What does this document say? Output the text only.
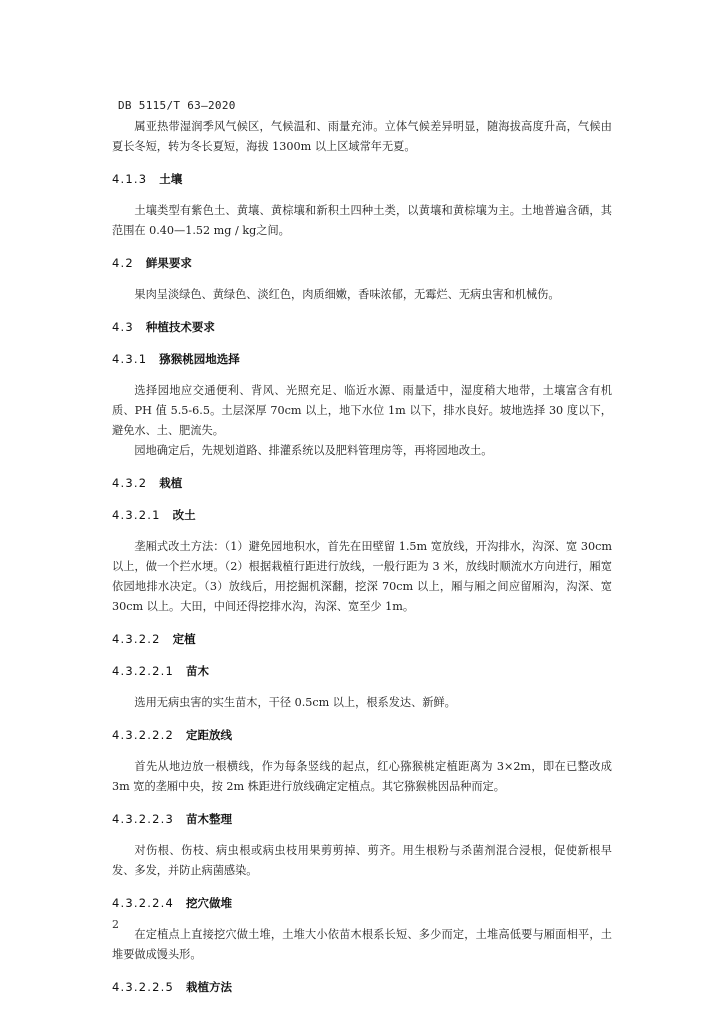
DB 5115/T 63—2020

属亚热带湿润季风气候区，气候温和、雨量充沛。立体气候差异明显，随海拔高度升高，气候由夏长冬短，转为冬长夏短，海拔 1300m 以上区域常年无夏。

4.1.3 土壤

土壤类型有紫色土、黄壤、黄棕壤和新积土四种土类，以黄壤和黄棕壤为主。土地普遍含硒，其范围在 0.40—1.52 mg / kg之间。

4.2 鲜果要求

果肉呈淡绿色、黄绿色、淡红色，肉质细嫩，香味浓郁，无霉烂、无病虫害和机械伤。

4.3 种植技术要求
4.3.1 猕猴桃园地选择

选择园地应交通便利、背风、光照充足、临近水源、雨量适中，湿度稍大地带，土壤富含有机质、PH 值 5.5-6.5。土层深厚 70cm 以上，地下水位 1m 以下，排水良好。坡地选择 30 度以下，避免水、土、肥流失。

园地确定后，先规划道路、排灌系统以及肥料管理房等，再将园地改土。

4.3.2 栽植
4.3.2.1 改土

垄厢式改土方法：（1）避免园地积水，首先在田壁留 1.5m 宽放线，开沟排水，沟深、宽 30cm 以上，做一个拦水埂。（2）根据栽植行距进行放线，一般行距为 3 米，放线时顺流水方向进行，厢宽依园地排水决定。（3）放线后，用挖掘机深翻，挖深 70cm 以上，厢与厢之间应留厢沟，沟深、宽 30cm 以上。大田，中间还得挖排水沟，沟深、宽至少 1m。

4.3.2.2 定植
4.3.2.2.1 苗木

选用无病虫害的实生苗木，干径 0.5cm 以上，根系发达、新鲜。

4.3.2.2.2 定距放线

首先从地边放一根横线，作为每条竖线的起点，红心猕猴桃定植距离为 3×2m，即在已整改成 3m 宽的垄厢中央，按 2m 株距进行放线确定定植点。其它猕猴桃因品种而定。

4.3.2.2.3 苗木整理

对伤根、伤枝、病虫根或病虫枝用果剪剪掉、剪齐。用生根粉与杀菌剂混合浸根，促使新根早发、多发，并防止病菌感染。

4.3.2.2.4 挖穴做堆

在定植点上直接挖穴做土堆，土堆大小依苗木根系长短、多少而定，土堆高低要与厢面相平，土堆要做成馒头形。

4.3.2.2.5 栽植方法
2
